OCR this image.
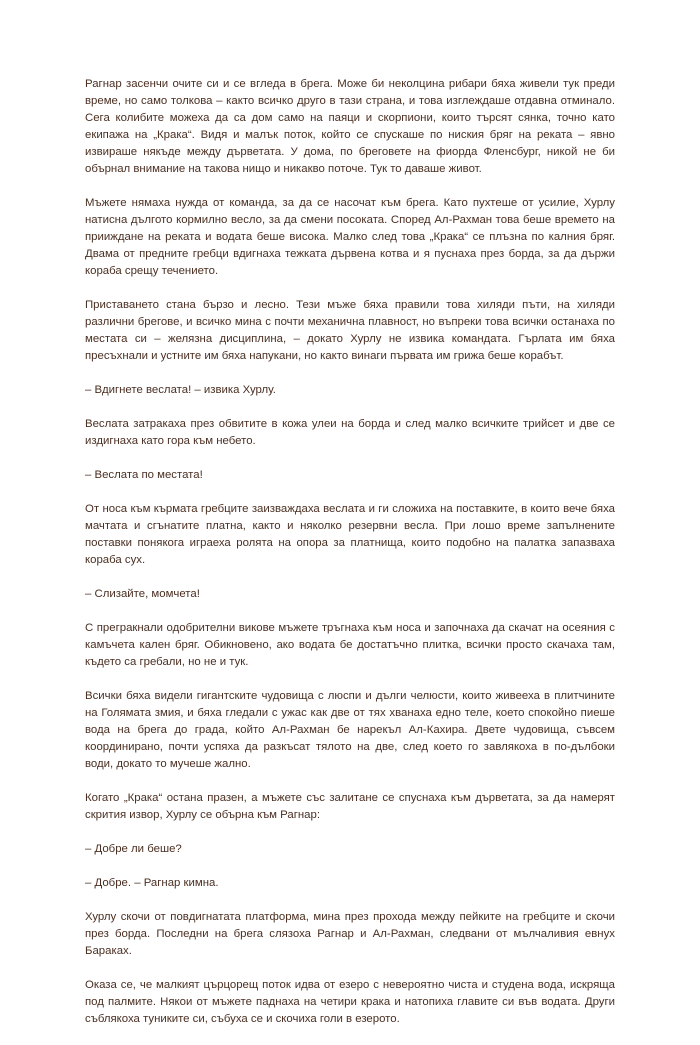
Рагнар засенчи очите си и се вгледа в брега. Може би неколцина рибари бяха живели тук преди време, но само толкова – както всичко друго в тази страна, и това изглеждаше отдавна отминало. Сега колибите можеха да са дом само на паяци и скорпиони, които търсят сянка, точно като екипажа на „Крака“. Видя и малък поток, който се спускаше по ниския бряг на реката – явно извираше някъде между дърветата. У дома, по бреговете на фиорда Фленсбург, никой не би обърнал внимание на такова нищо и никакво поточе. Тук то даваше живот.

Мъжете нямаха нужда от команда, за да се насочат към брега. Като пухтеше от усилие, Хурлу натисна дългото кормилно весло, за да смени посоката. Според Ал-Рахман това беше времето на прииждане на реката и водата беше висока. Малко след това „Крака“ се плъзна по калния бряг. Двама от предните гребци вдигнаха тежката дървена котва и я пуснаха през борда, за да държи кораба срещу течението.

Приставането стана бързо и лесно. Тези мъже бяха правили това хиляди пъти, на хиляди различни брегове, и всичко мина с почти механична плавност, но въпреки това всички останаха по местата си – желязна дисциплина, – докато Хурлу не извика командата. Гърлата им бяха пресъхнали и устните им бяха напукани, но както винаги първата им грижа беше корабът.

– Вдигнете веслата! – извика Хурлу.

Веслата затракаха през обвитите в кожа улеи на борда и след малко всичките трийсет и две се издигнаха като гора към небето.

– Веслата по местата!

От носа към кърмата гребците заизваждаха веслата и ги сложиха на поставките, в които вече бяха мачтата и сгънатите платна, както и няколко резервни весла. При лошо време запълнените поставки понякога играеха ролята на опора за платнища, които подобно на палатка запазваха кораба сух.

– Слизайте, момчета!

С прегракнали одобрителни викове мъжете тръгнаха към носа и започнаха да скачат на осеяния с камъчета кален бряг. Обикновено, ако водата бе достатъчно плитка, всички просто скачаха там, където са гребали, но не и тук.

Всички бяха видели гигантските чудовища с люспи и дълги челюсти, които живееха в плитчините на Голямата змия, и бяха гледали с ужас как две от тях хванаха едно теле, което спокойно пиеше вода на брега до града, който Ал-Рахман бе нарекъл Ал-Кахира. Двете чудовища, съвсем координирано, почти успяха да разкъсат тялото на две, след което го завлякоха в по-дълбоки води, докато то мучеше жално.

Когато „Крака“ остана празен, а мъжете със залитане се спуснаха към дърветата, за да намерят скрития извор, Хурлу се обърна към Рагнар:

– Добре ли беше?

– Добре. – Рагнар кимна.

Хурлу скочи от повдигнатата платформа, мина през прохода между пейките на гребците и скочи през борда. Последни на брега слязоха Рагнар и Ал-Рахман, следвани от мълчаливия евнух Бараках.

Оказа се, че малкият църцорещ поток идва от езеро с невероятно чиста и студена вода, искряща под палмите. Някои от мъжете паднаха на четири крака и натопиха главите си във водата. Други съблякоха туниките си, събуха се и скочиха голи в езерото.
